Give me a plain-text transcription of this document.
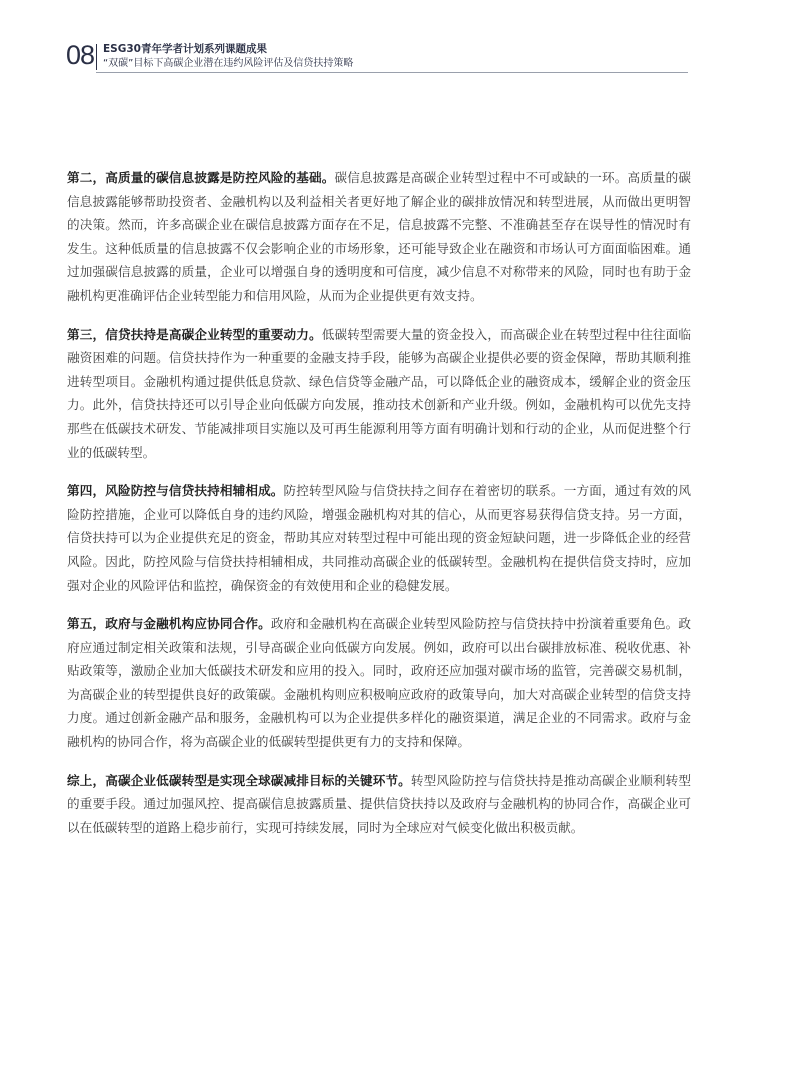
08 ESG30青年学者计划系列课题成果
“双碳”目标下高碳企业潜在违约风险评估及信贷扶持策略

第二，高质量的碳信息披露是防控风险的基础。碳信息披露是高碳企业转型过程中不可或缺的一环。高质量的碳信息披露能够帮助投资者、金融机构以及利益相关者更好地了解企业的碳排放情况和转型进展，从而做出更明智的决策。然而，许多高碳企业在碳信息披露方面存在不足，信息披露不完整、不准确甚至存在误导性的情况时有发生。这种低质量的信息披露不仅会影响企业的市场形象，还可能导致企业在融资和市场认可方面面临困难。通过加强碳信息披露的质量，企业可以增强自身的透明度和可信度，减少信息不对称带来的风险，同时也有助于金融机构更准确评估企业转型能力和信用风险，从而为企业提供更有效支持。

第三，信贷扶持是高碳企业转型的重要动力。低碳转型需要大量的资金投入，而高碳企业在转型过程中往往面临融资困难的问题。信贷扶持作为一种重要的金融支持手段，能够为高碳企业提供必要的资金保障，帮助其顺利推进转型项目。金融机构通过提供低息贷款、绿色信贷等金融产品，可以降低企业的融资成本，缓解企业的资金压力。此外，信贷扶持还可以引导企业向低碳方向发展，推动技术创新和产业升级。例如，金融机构可以优先支持那些在低碳技术研发、节能减排项目实施以及可再生能源利用等方面有明确计划和行动的企业，从而促进整个行业的低碳转型。

第四，风险防控与信贷扶持相辅相成。防控转型风险与信贷扶持之间存在着密切的联系。一方面，通过有效的风险防控措施，企业可以降低自身的违约风险，增强金融机构对其的信心，从而更容易获得信贷支持。另一方面，信贷扶持可以为企业提供充足的资金，帮助其应对转型过程中可能出现的资金短缺问题，进一步降低企业的经营风险。因此，防控风险与信贷扶持相辅相成，共同推动高碳企业的低碳转型。金融机构在提供信贷支持时，应加强对企业的风险评估和监控，确保资金的有效使用和企业的稳健发展。

第五，政府与金融机构应协同合作。政府和金融机构在高碳企业转型风险防控与信贷扶持中扮演着重要角色。政府应通过制定相关政策和法规，引导高碳企业向低碳方向发展。例如，政府可以出台碳排放标准、税收优惠、补贴政策等，激励企业加大低碳技术研发和应用的投入。同时，政府还应加强对碳市场的监管，完善碳交易机制，为高碳企业的转型提供良好的政策碳。金融机构则应积极响应政府的政策导向，加大对高碳企业转型的信贷支持力度。通过创新金融产品和服务，金融机构可以为企业提供多样化的融资渠道，满足企业的不同需求。政府与金融机构的协同合作，将为高碳企业的低碳转型提供更有力的支持和保障。

综上，高碳企业低碳转型是实现全球碳减排目标的关键环节。转型风险防控与信贷扶持是推动高碳企业顺利转型的重要手段。通过加强风控、提高碳信息披露质量、提供信贷扶持以及政府与金融机构的协同合作，高碳企业可以在低碳转型的道路上稳步前行，实现可持续发展，同时为全球应对气候变化做出积极贡献。
